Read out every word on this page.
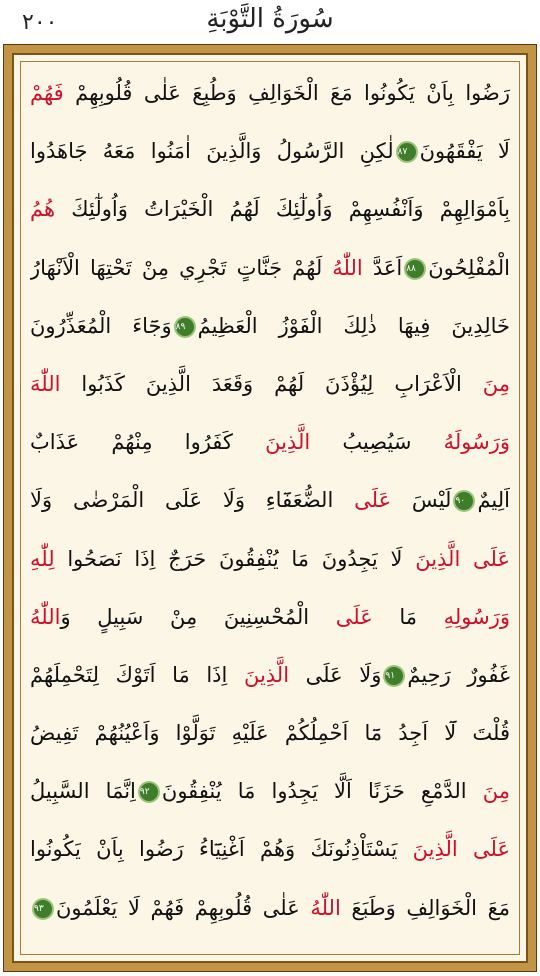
٢٠٠	سُورَةُ التَّوْبَةِ
رَضُوا بِاَنْ يَكُونُوا مَعَ الْخَوَالِفِ وَطُبِعَ عَلٰى قُلُوبِهِمْ فَهُمْ
لَا يَفْقَهُونَ٨٧لٰكِنِ الرَّسُولُ وَالَّذِينَ اٰمَنُوا مَعَهُ جَاهَدُوا
بِاَمْوَالِهِمْ وَاَنْفُسِهِمْ وَاُولٰٓئِكَ لَهُمُ الْخَيْرَاتُ وَاُولٰٓئِكَ هُمُ
الْمُفْلِحُونَ٨٨اَعَدَّ اللّٰهُ لَهُمْ جَنَّاتٍ تَجْرِي مِنْ تَحْتِهَا الْاَنْهَارُ
خَالِدِينَ فِيهَا ذٰلِكَ الْفَوْزُ الْعَظِيمُ٨٩وَجَٓاءَ الْمُعَذِّرُونَ
مِنَ الْاَعْرَابِ لِيُؤْذَنَ لَهُمْ وَقَعَدَ الَّذِينَ كَذَبُوا اللّٰهَ
وَرَسُولَهُ سَيُصِيبُ الَّذِينَ كَفَرُوا مِنْهُمْ عَذَابٌ
اَلِيمٌ٩٠لَيْسَ عَلَى الضُّعَفَٓاءِ وَلَا عَلَى الْمَرْضٰى وَلَا
عَلَى الَّذِينَ لَا يَجِدُونَ مَا يُنْفِقُونَ حَرَجٌ اِذَا نَصَحُوا لِلّٰهِ
وَرَسُولِهِ مَا عَلَى الْمُحْسِنِينَ مِنْ سَبِيلٍ وَاللّٰهُ
غَفُورٌ رَحِيمٌ٩١وَلَا عَلَى الَّذِينَ اِذَا مَا اَتَوْكَ لِتَحْمِلَهُمْ
قُلْتَ لَٓا اَجِدُ مَٓا اَحْمِلُكُمْ عَلَيْهِ تَوَلَّوْا وَاَعْيُنُهُمْ تَفِيضُ
مِنَ الدَّمْعِ حَزَنًا اَلَّا يَجِدُوا مَا يُنْفِقُونَ٩٢اِنَّمَا السَّبِيلُ
عَلَى الَّذِينَ يَسْتَاْذِنُونَكَ وَهُمْ اَغْنِيَٓاءُ رَضُوا بِاَنْ يَكُونُوا
مَعَ الْخَوَالِفِ وَطَبَعَ اللّٰهُ عَلٰى قُلُوبِهِمْ فَهُمْ لَا يَعْلَمُونَ٩٣
